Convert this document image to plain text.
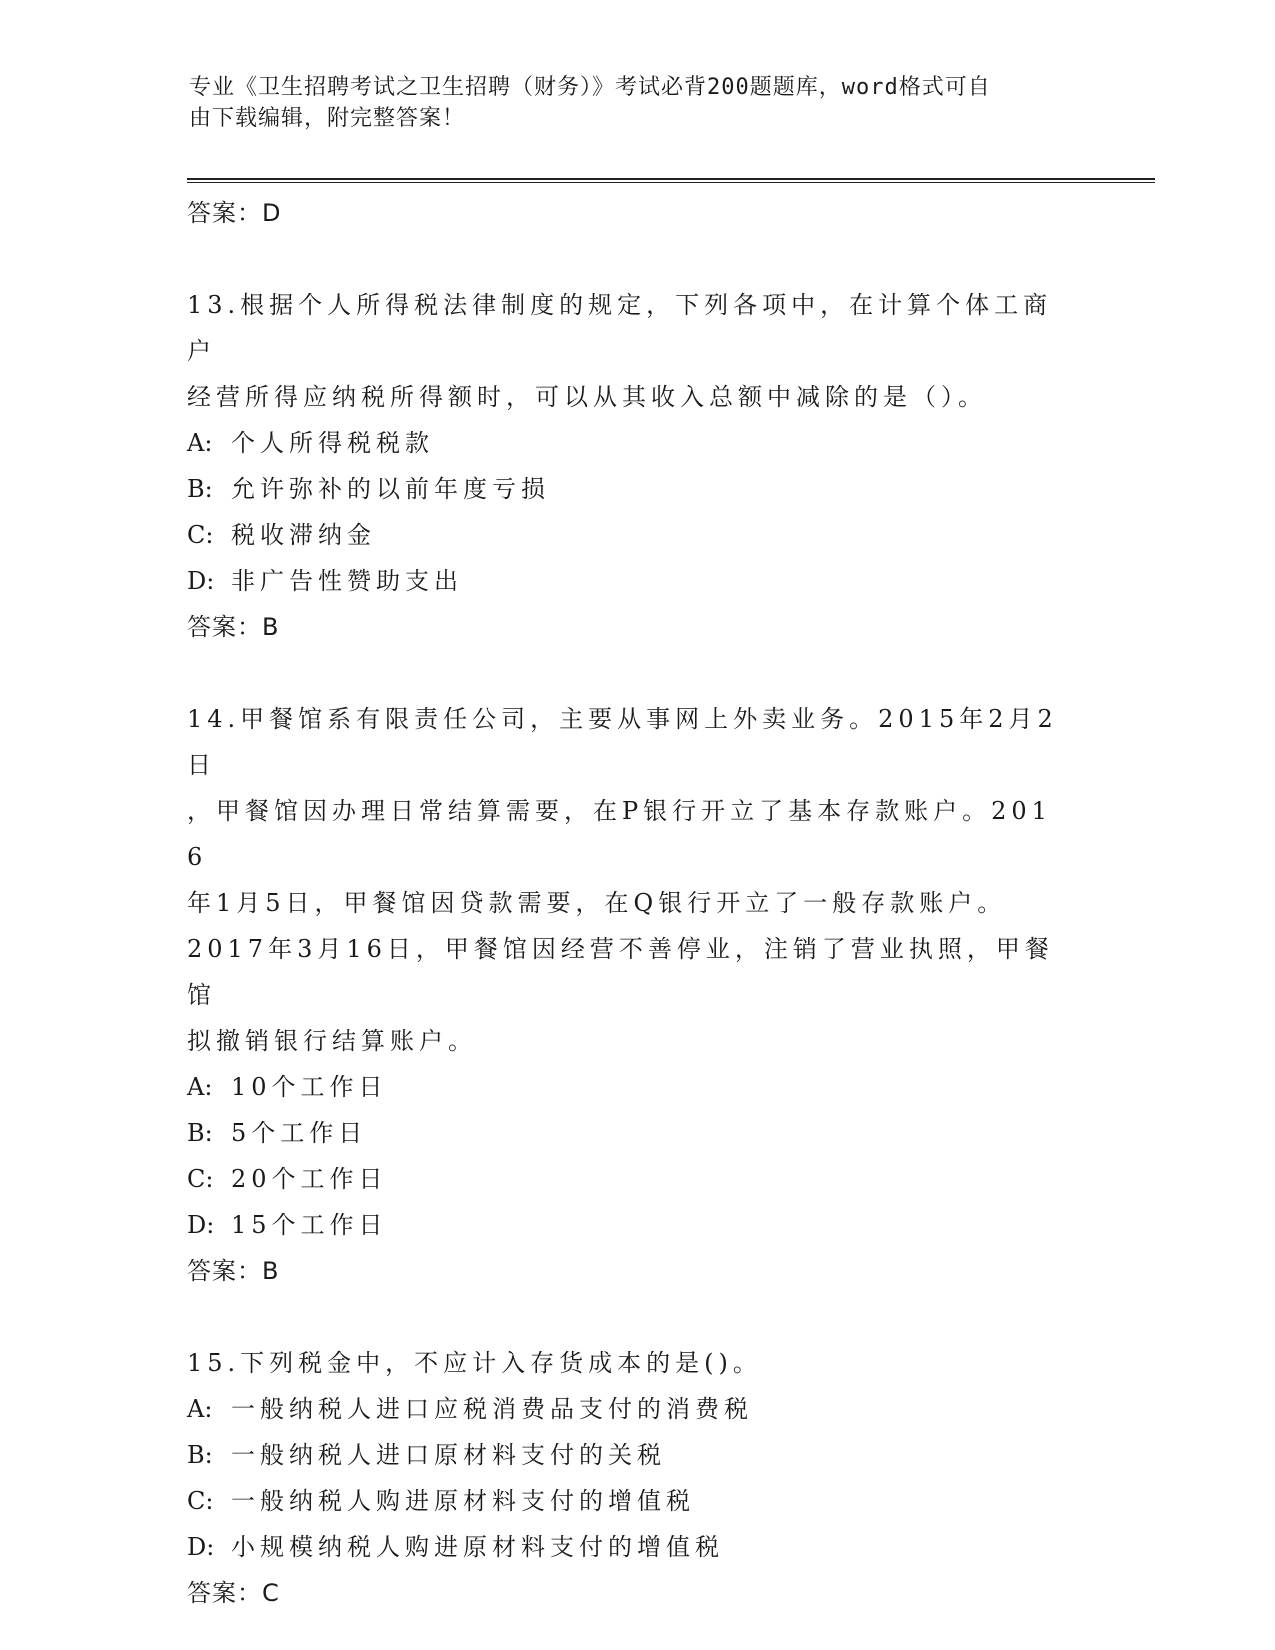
专业《卫生招聘考试之卫生招聘（财务）》考试必背200题题库，word格式可自
由下载编辑，附完整答案！
答案：D
13.根据个人所得税法律制度的规定，下列各项中，在计算个体工商户
经营所得应纳税所得额时，可以从其收入总额中减除的是（）。
A: 个人所得税税款
B: 允许弥补的以前年度亏损
C: 税收滞纳金
D: 非广告性赞助支出
答案：B
14.甲餐馆系有限责任公司，主要从事网上外卖业务。2015年2月2日
，甲餐馆因办理日常结算需要，在P银行开立了基本存款账户。2016
年1月5日，甲餐馆因贷款需要，在Q银行开立了一般存款账户。
2017年3月16日，甲餐馆因经营不善停业，注销了营业执照，甲餐馆
拟撤销银行结算账户。
A: 10个工作日
B: 5个工作日
C: 20个工作日
D: 15个工作日
答案：B
15.下列税金中，不应计入存货成本的是()。
A: 一般纳税人进口应税消费品支付的消费税
B: 一般纳税人进口原材料支付的关税
C: 一般纳税人购进原材料支付的增值税
D: 小规模纳税人购进原材料支付的增值税
答案：C
